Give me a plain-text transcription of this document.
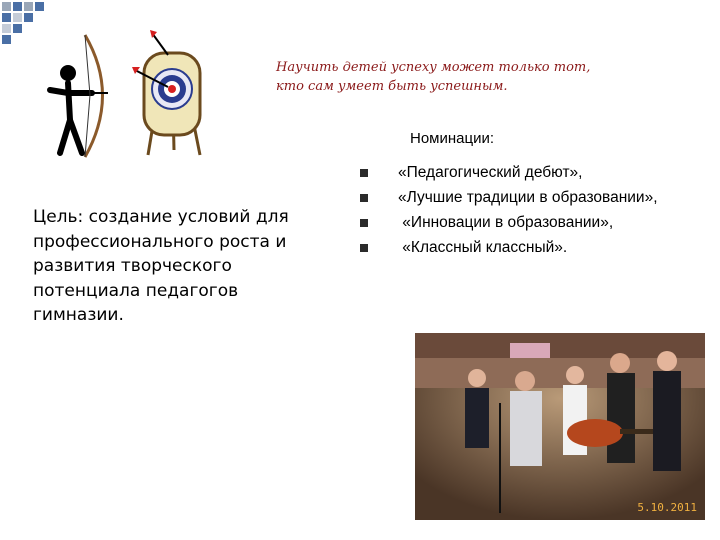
Научить детей успеху может только тот,
кто сам умеет быть успешным.
Цель: создание условий для профессионального роста и развития творческого потенциала педагогов гимназии.
Номинации:
«Педагогический дебют»,
«Лучшие традиции в образовании»,
«Инновации в образовании»,
«Классный классный».
5.10.2011
